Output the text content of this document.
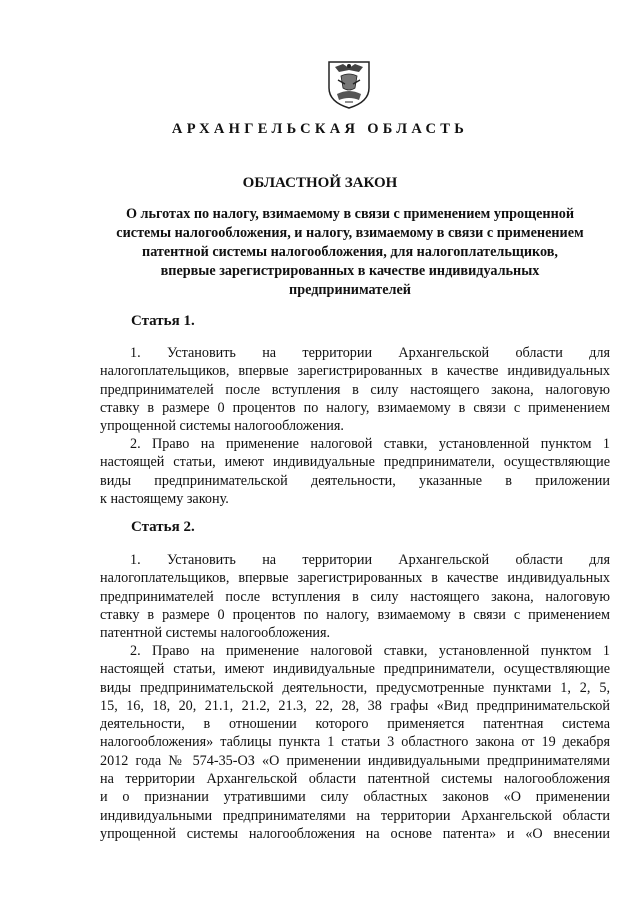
АРХАНГЕЛЬСКАЯ ОБЛАСТЬ
ОБЛАСТНОЙ ЗАКОН
О льготах по налогу, взимаемому в связи с применением упрощенной
системы налогообложения, и налогу, взимаемому в связи с применением
патентной системы налогообложения, для налогоплательщиков,
впервые зарегистрированных в качестве индивидуальных
предпринимателей
Статья 1.
1.   Установить   на   территории   Архангельской   области   для
налогоплательщиков, впервые зарегистрированных в качестве индивидуальных
предпринимателей после вступления в силу настоящего закона, налоговую
ставку в размере 0 процентов по налогу, взимаемому в связи с применением
упрощенной системы налогообложения.
2. Право на применение налоговой ставки, установленной пунктом 1
настоящей статьи, имеют индивидуальные предприниматели, осуществляющие
виды предпринимательской деятельности, указанные в приложении
к настоящему закону.
Статья 2.
1.   Установить   на   территории   Архангельской   области   для
налогоплательщиков, впервые зарегистрированных в качестве индивидуальных
предпринимателей после вступления в силу настоящего закона, налоговую
ставку в размере 0 процентов по налогу, взимаемому в связи с применением
патентной системы налогообложения.
2. Право на применение налоговой ставки, установленной пунктом 1
настоящей статьи, имеют индивидуальные предприниматели, осуществляющие
виды предпринимательской деятельности, предусмотренные пунктами 1, 2, 5,
15, 16, 18, 20, 21.1, 21.2, 21.3, 22, 28, 38 графы «Вид предпринимательской
деятельности, в отношении которого применяется патентная система
налогообложения» таблицы пункта 1 статьи 3 областного закона от 19 декабря
2012 года № 574-35-ОЗ «О применении индивидуальными предпринимателями
на территории Архангельской области патентной системы налогообложения
и о признании утратившими силу областных законов «О применении
индивидуальными предпринимателями на территории Архангельской области
упрощенной системы налогообложения на основе патента» и «О внесении
